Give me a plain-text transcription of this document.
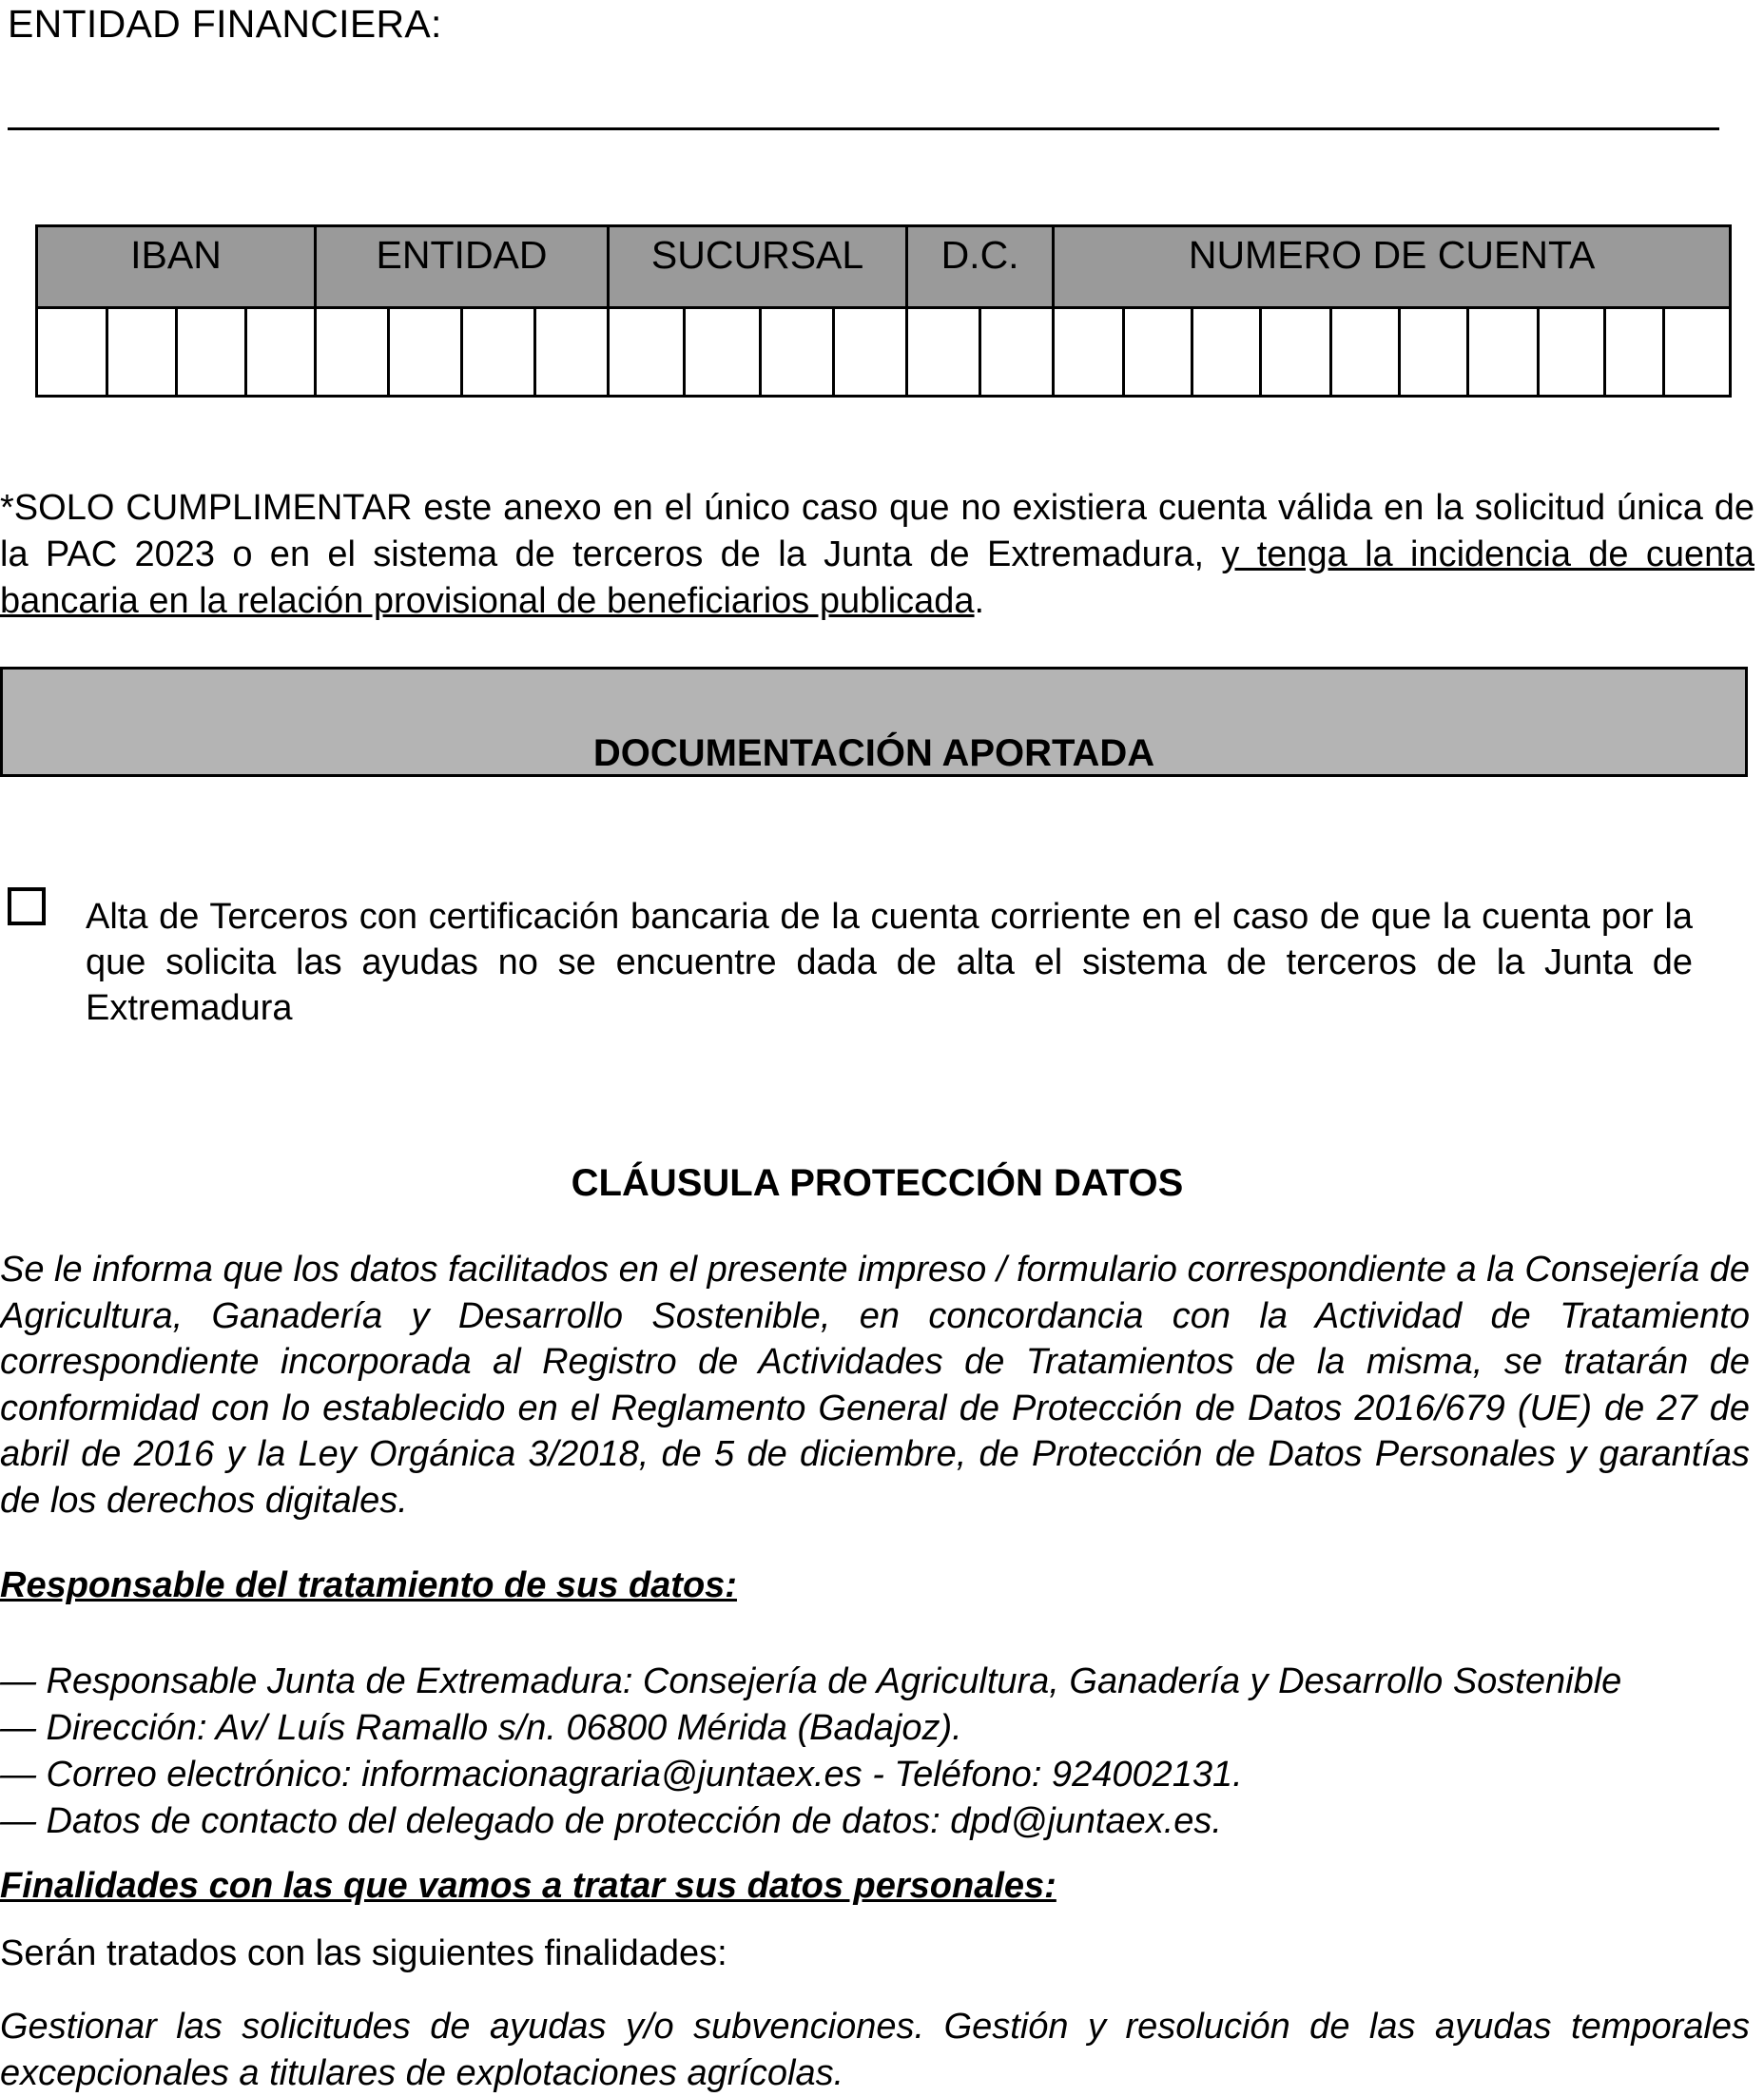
ENTIDAD FINANCIERA:
IBAN				ENTIDAD				SUCURSAL				D.C.		NUMERO DE CUENTA									

*SOLO CUMPLIMENTAR este anexo en el único caso que no existiera cuenta válida en la solicitud única de la PAC 2023 o en el sistema de terceros de la Junta de Extremadura, y tenga la incidencia de cuenta bancaria en la relación provisional de beneficiarios publicada.
DOCUMENTACIÓN APORTADA
Alta de Terceros con certificación bancaria de la cuenta corriente en el caso de que la cuenta por la que solicita las ayudas no se encuentre dada de alta el sistema de terceros de la Junta de Extremadura
CLÁUSULA PROTECCIÓN DATOS
Se le informa que los datos facilitados en el presente impreso / formulario correspondiente a la Consejería de Agricultura, Ganadería y Desarrollo Sostenible, en concordancia con la Actividad de Tratamiento correspondiente incorporada al Registro de Actividades de Tratamientos de la misma, se tratarán de conformidad con lo establecido en el Reglamento General de Protección de Datos 2016/679 (UE) de 27 de abril de 2016 y la Ley Orgánica 3/2018, de 5 de diciembre, de Protección de Datos Personales y garantías de los derechos digitales.
Responsable del tratamiento de sus datos:
— Responsable Junta de Extremadura: Consejería de Agricultura, Ganadería y Desarrollo Sostenible
— Dirección: Av/ Luís Ramallo s/n. 06800 Mérida (Badajoz).
— Correo electrónico: informacionagraria@juntaex.es - Teléfono: 924002131.
— Datos de contacto del delegado de protección de datos: dpd@juntaex.es.
Finalidades con las que vamos a tratar sus datos personales:
Serán tratados con las siguientes finalidades:
Gestionar las solicitudes de ayudas y/o subvenciones. Gestión y resolución de las ayudas temporales excepcionales a titulares de explotaciones agrícolas.
